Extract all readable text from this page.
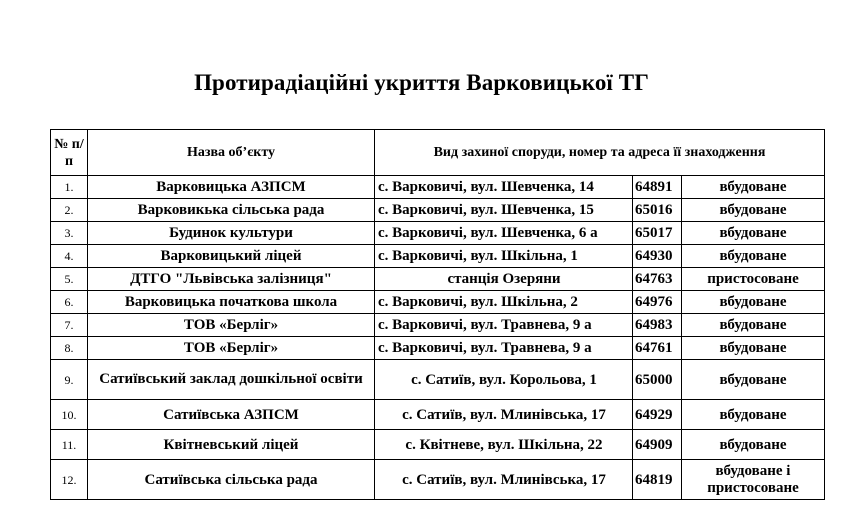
Протирадіаційні укриття Варковицької ТГ
№ п/п	Назва об’єкту	Вид захиної споруди, номер та адреса її знаходження		
1.	Варковицька АЗПСМ	с. Варковичі, вул. Шевченка, 14	64891	вбудоване
2.	Варковикька сільська рада	с. Варковичі, вул. Шевченка, 15	65016	вбудоване
3.	Будинок культури	с. Варковичі, вул. Шевченка, 6 а	65017	вбудоване
4.	Варковицький ліцей	с. Варковичі, вул. Шкільна, 1	64930	вбудоване
5.	ДТГО "Львівська залізниця"	станція Озеряни	64763	пристосоване
6.	Варковицька початкова школа	с. Варковичі, вул. Шкільна, 2	64976	вбудоване
7.	ТОВ «Берліг»	с. Варковичі, вул. Травнева, 9 а	64983	вбудоване
8.	ТОВ «Берліг»	с. Варковичі, вул. Травнева, 9 а	64761	вбудоване
9.	Сатиївський заклад дошкільної освіти	с. Сатиїв, вул. Корольова, 1	65000	вбудоване
10.	Сатиївська АЗПСМ	с. Сатиїв, вул. Млинівська, 17	64929	вбудоване
11.	Квітневський ліцей	с. Квітневе, вул. Шкільна, 22	64909	вбудоване
12.	Сатиївська сільська рада	с. Сатиїв, вул. Млинівська, 17	64819	вбудоване і пристосоване
